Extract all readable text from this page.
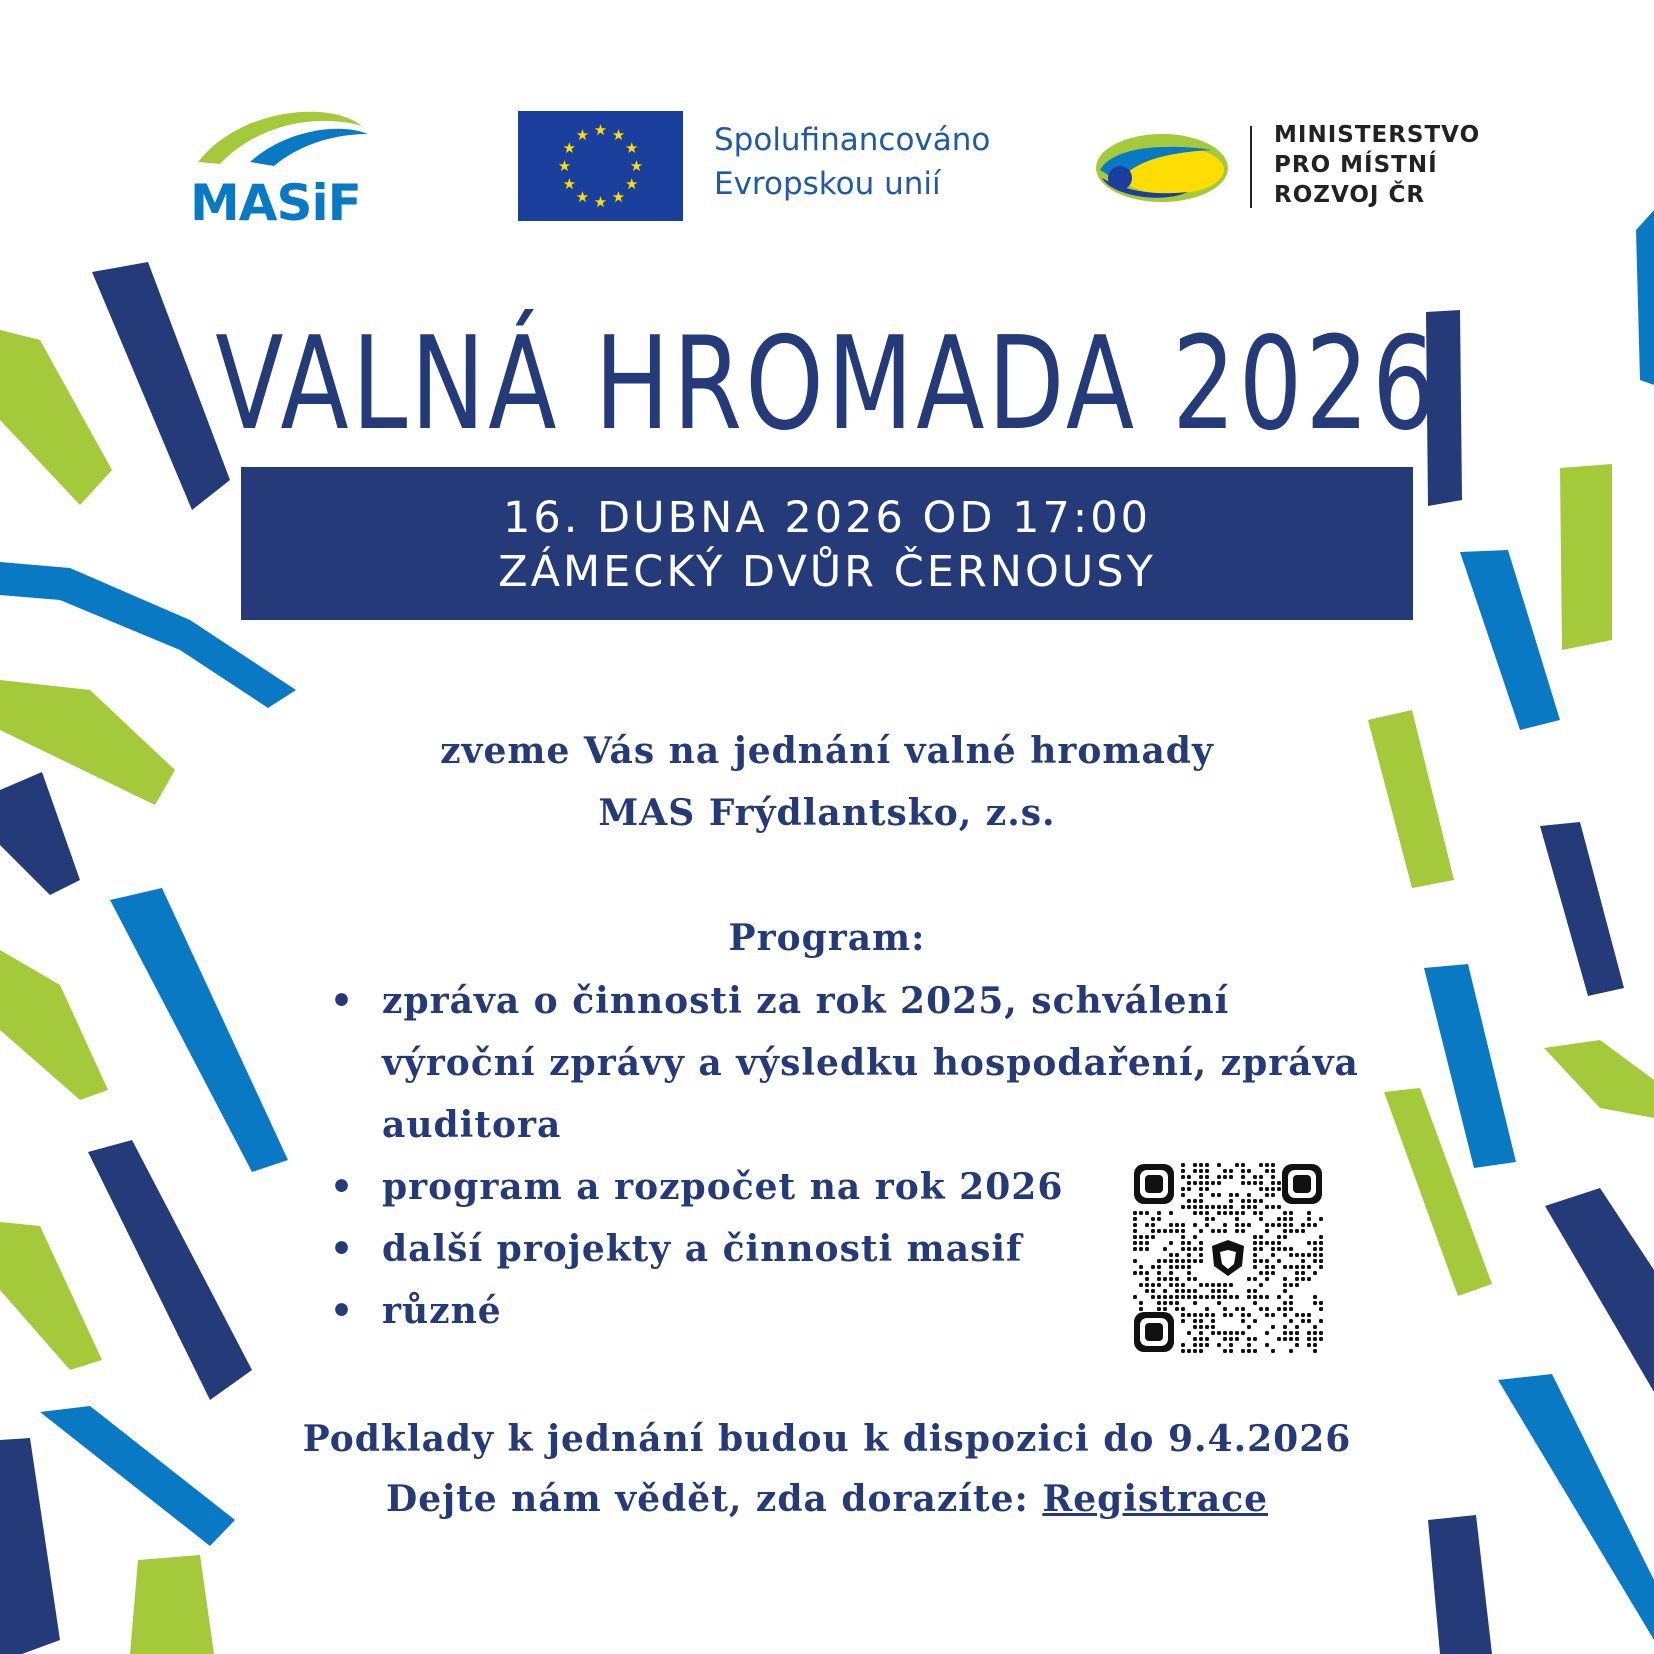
MASiF
★ ★
★
★
★
★
★
★
★
★
★
★	Spolufinancováno
Evropskou unií
MINISTERSTVO
PRO MÍSTNÍ
ROZVOJ ČR
VALNÁ HROMADA 2026
16. DUBNA 2026 OD 17:00
ZÁMECKÝ DVŮR ČERNOUSY
zveme Vás na jednání valné hromady
MAS Frýdlantsko, z.s.
Program:
• zpráva o činnosti za rok 2025, schválení výroční zprávy a výsledku hospodaření, zpráva auditora
• program a rozpočet na rok 2026
• další projekty a činnosti masif
• různé
Podklady k jednání budou k dispozici do 9.4.2026
Dejte nám vědět, zda dorazíte: Registrace
